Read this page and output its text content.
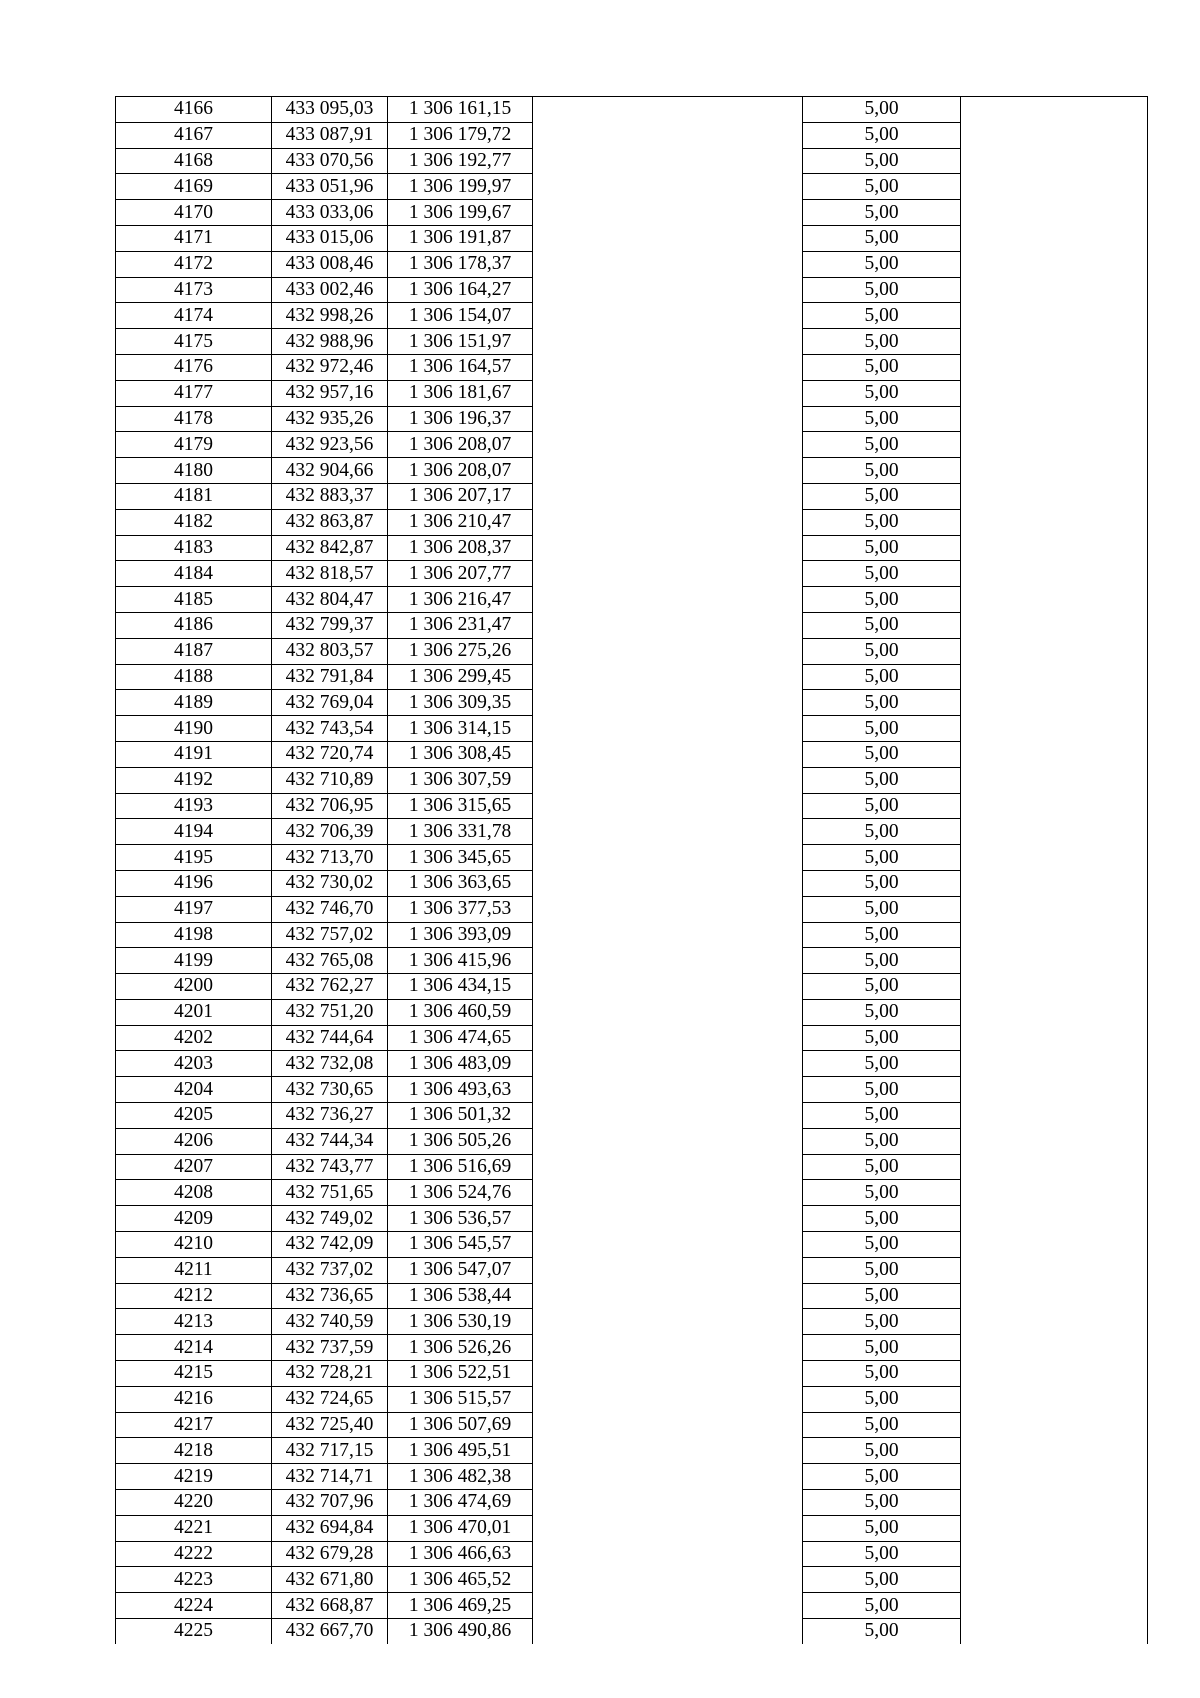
4166	433 095,03	1 306 161,15		5,00	
4167	433 087,91	1 306 179,72		5,00	
4168	433 070,56	1 306 192,77		5,00	
4169	433 051,96	1 306 199,97		5,00	
4170	433 033,06	1 306 199,67		5,00	
4171	433 015,06	1 306 191,87		5,00	
4172	433 008,46	1 306 178,37		5,00	
4173	433 002,46	1 306 164,27		5,00	
4174	432 998,26	1 306 154,07		5,00	
4175	432 988,96	1 306 151,97		5,00	
4176	432 972,46	1 306 164,57		5,00	
4177	432 957,16	1 306 181,67		5,00	
4178	432 935,26	1 306 196,37		5,00	
4179	432 923,56	1 306 208,07		5,00	
4180	432 904,66	1 306 208,07		5,00	
4181	432 883,37	1 306 207,17		5,00	
4182	432 863,87	1 306 210,47		5,00	
4183	432 842,87	1 306 208,37		5,00	
4184	432 818,57	1 306 207,77		5,00	
4185	432 804,47	1 306 216,47		5,00	
4186	432 799,37	1 306 231,47		5,00	
4187	432 803,57	1 306 275,26		5,00	
4188	432 791,84	1 306 299,45		5,00	
4189	432 769,04	1 306 309,35		5,00	
4190	432 743,54	1 306 314,15		5,00	
4191	432 720,74	1 306 308,45		5,00	
4192	432 710,89	1 306 307,59		5,00	
4193	432 706,95	1 306 315,65		5,00	
4194	432 706,39	1 306 331,78		5,00	
4195	432 713,70	1 306 345,65		5,00	
4196	432 730,02	1 306 363,65		5,00	
4197	432 746,70	1 306 377,53		5,00	
4198	432 757,02	1 306 393,09		5,00	
4199	432 765,08	1 306 415,96		5,00	
4200	432 762,27	1 306 434,15		5,00	
4201	432 751,20	1 306 460,59		5,00	
4202	432 744,64	1 306 474,65		5,00	
4203	432 732,08	1 306 483,09		5,00	
4204	432 730,65	1 306 493,63		5,00	
4205	432 736,27	1 306 501,32		5,00	
4206	432 744,34	1 306 505,26		5,00	
4207	432 743,77	1 306 516,69		5,00	
4208	432 751,65	1 306 524,76		5,00	
4209	432 749,02	1 306 536,57		5,00	
4210	432 742,09	1 306 545,57		5,00	
4211	432 737,02	1 306 547,07		5,00	
4212	432 736,65	1 306 538,44		5,00	
4213	432 740,59	1 306 530,19		5,00	
4214	432 737,59	1 306 526,26		5,00	
4215	432 728,21	1 306 522,51		5,00	
4216	432 724,65	1 306 515,57		5,00	
4217	432 725,40	1 306 507,69		5,00	
4218	432 717,15	1 306 495,51		5,00	
4219	432 714,71	1 306 482,38		5,00	
4220	432 707,96	1 306 474,69		5,00	
4221	432 694,84	1 306 470,01		5,00	
4222	432 679,28	1 306 466,63		5,00	
4223	432 671,80	1 306 465,52		5,00	
4224	432 668,87	1 306 469,25		5,00	
4225	432 667,70	1 306 490,86		5,00	
